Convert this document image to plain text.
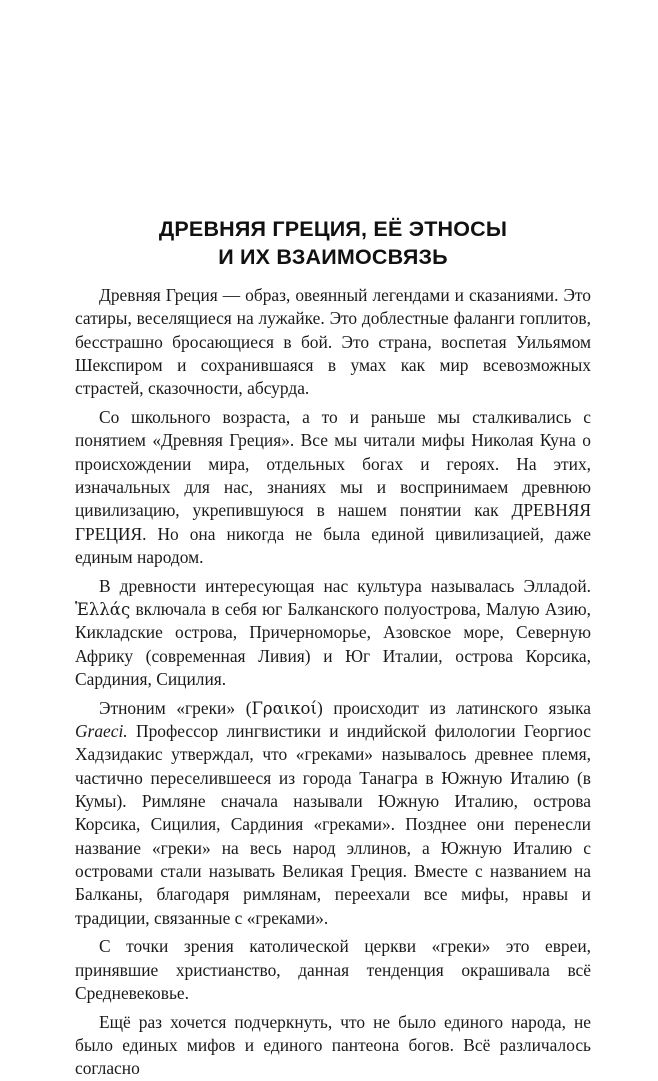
ДРЕВНЯЯ ГРЕЦИЯ, ЕЁ ЭТНОСЫ
И ИХ ВЗАИМОСВЯЗЬ

Древняя Греция — образ, овеянный легендами и сказаниями. Это сатиры, веселящиеся на лужайке. Это доблестные фаланги гоплитов, бесстрашно бросающиеся в бой. Это страна, воспетая Уильямом Шекспиром и сохранившаяся в умах как мир всевозможных страстей, сказочности, абсурда.

Со школьного возраста, а то и раньше мы сталкивались с понятием «Древняя Греция». Все мы читали мифы Николая Куна о происхождении мира, отдельных богах и героях. На этих, изначальных для нас, знаниях мы и воспринимаем древнюю цивилизацию, укрепившуюся в нашем понятии как ДРЕВНЯЯ ГРЕЦИЯ. Но она никогда не была единой цивилизацией, даже единым народом.

В древности интересующая нас культура называлась Элладой. Ἑλλάς включала в себя юг Балканского полуострова, Малую Азию, Кикладские острова, Причерноморье, Азовское море, Северную Африку (современная Ливия) и Юг Италии, острова Корсика, Сардиния, Сицилия.

Этноним «греки» (Γραικοί) происходит из латинского языка Graeci. Профессор лингвистики и индийской филологии Георгиос Хадзидакис утверждал, что «греками» называлось древнее племя, частично переселившееся из города Танагра в Южную Италию (в Кумы). Римляне сначала называли Южную Италию, острова Корсика, Сицилия, Сардиния «греками». Позднее они перенесли название «греки» на весь народ эллинов, а Южную Италию с островами стали называть Великая Греция. Вместе с названием на Балканы, благодаря римлянам, переехали все мифы, нравы и традиции, связанные с «греками».

С точки зрения католической церкви «греки» это евреи, принявшие христианство, данная тенденция окрашивала всё Средневековье.

Ещё раз хочется подчеркнуть, что не было единого народа, не было единых мифов и единого пантеона богов. Всё различалось согласно
